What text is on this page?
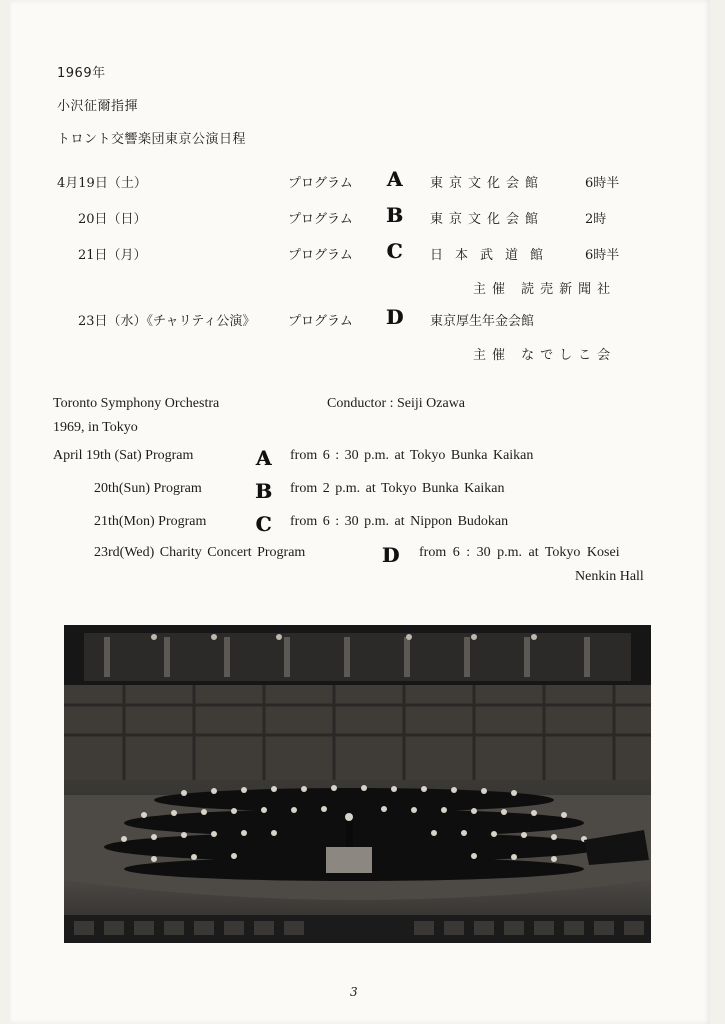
1969年
小沢征爾指揮
トロント交響楽団東京公演日程
4月19日（土）	プログラム A 東京文化会館	6時半
20日（日）	プログラム B 東京文化会館	2時
21日（月）	プログラム C 日本武道館 6時半
主催 読売新聞社
23日（水）《チャリティ公演》	プログラム D 東京厚生年金会館
主催 なでしこ会
Toronto Symphony Orchestra	Conductor : Seiji Ozawa
1969, in Tokyo
April 19th (Sat) Program	A from 6 : 30 p.m. at Tokyo Bunka Kaikan
20th(Sun) Program	B from 2 p.m. at Tokyo Bunka Kaikan
21th(Mon) Program C from 6 : 30 p.m. at Nippon Budokan
23rd(Wed) Charity Concert Program	D from 6 : 30 p.m. at Tokyo Kosei
Nenkin Hall
3
